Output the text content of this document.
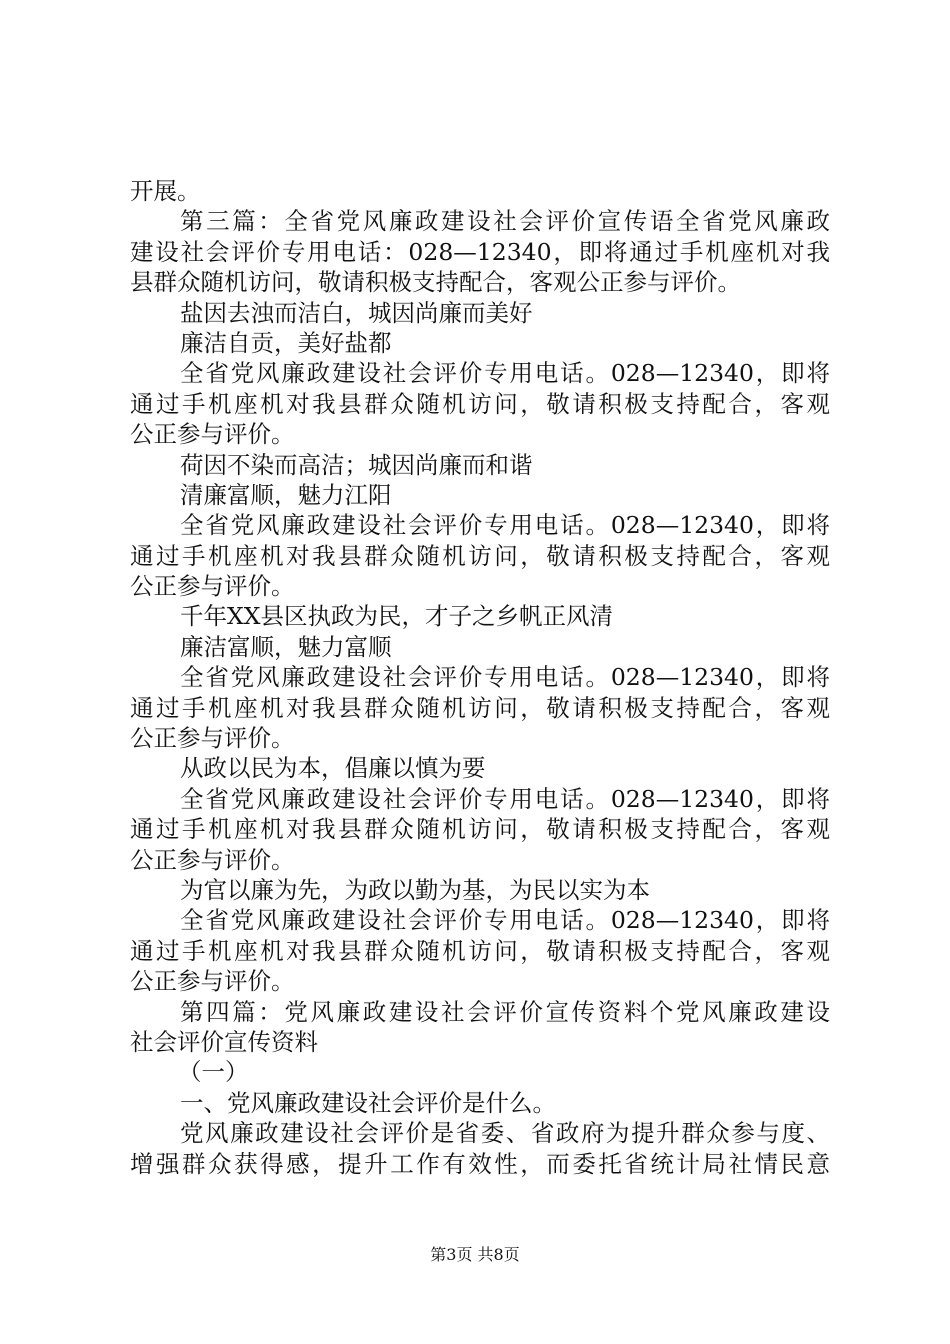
开展。
第三篇：全省党风廉政建设社会评价宣传语全省党风廉政
建设社会评价专用电话：028—12340，即将通过手机座机对我
县群众随机访问，敬请积极支持配合，客观公正参与评价。
盐因去浊而洁白，城因尚廉而美好
廉洁自贡，美好盐都
全省党风廉政建设社会评价专用电话。028—12340，即将
通过手机座机对我县群众随机访问，敬请积极支持配合，客观
公正参与评价。
荷因不染而高洁；城因尚廉而和谐
清廉富顺，魅力江阳
全省党风廉政建设社会评价专用电话。028—12340，即将
通过手机座机对我县群众随机访问，敬请积极支持配合，客观
公正参与评价。
千年XX县区执政为民，才子之乡帆正风清
廉洁富顺，魅力富顺
全省党风廉政建设社会评价专用电话。028—12340，即将
通过手机座机对我县群众随机访问，敬请积极支持配合，客观
公正参与评价。
从政以民为本，倡廉以慎为要
全省党风廉政建设社会评价专用电话。028—12340，即将
通过手机座机对我县群众随机访问，敬请积极支持配合，客观
公正参与评价。
为官以廉为先，为政以勤为基，为民以实为本
全省党风廉政建设社会评价专用电话。028—12340，即将
通过手机座机对我县群众随机访问，敬请积极支持配合，客观
公正参与评价。
第四篇：党风廉政建设社会评价宣传资料个党风廉政建设
社会评价宣传资料
（一）
一、党风廉政建设社会评价是什么。
党风廉政建设社会评价是省委、省政府为提升群众参与度、
增强群众获得感，提升工作有效性，而委托省统计局社情民意
第3页 共8页
